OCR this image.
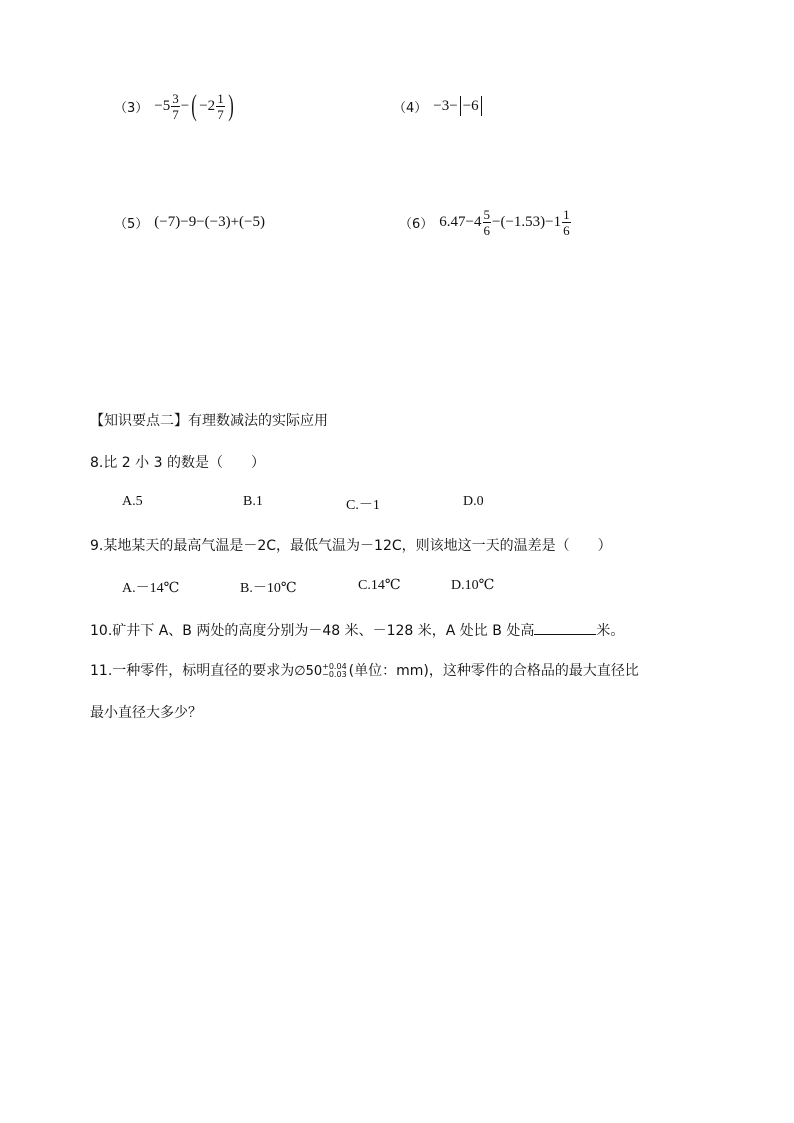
$(3) -5 \frac{3}{7}$ − ( $-2 \frac{1}{7}$ )	（4） −3− −6
（5） (−7)−9−(−3)+(−5)	（6） $6.47-4 \frac{5}{6} -(-1.53)-1 \frac{1}{6}$
【知识要点二】有理数减法的实际应用
8.比 2 小 3 的数是（　　）
A.5	B.1	C.－1	D.0
9.某地某天的最高气温是－2C，最低气温为－12C，则该地这一天的温差是（　　）
A.－14℃	B.－10℃	C.14℃	D.10℃
10.矿井下 A、B 两处的高度分别为－48 米、－128 米，A 处比 B 处高	米。
11.一种零件，标明直径的要求为∅50 +0.04
−0.03 (单位：mm)，这种零件的合格品的最大直径比
最小直径大多少？
